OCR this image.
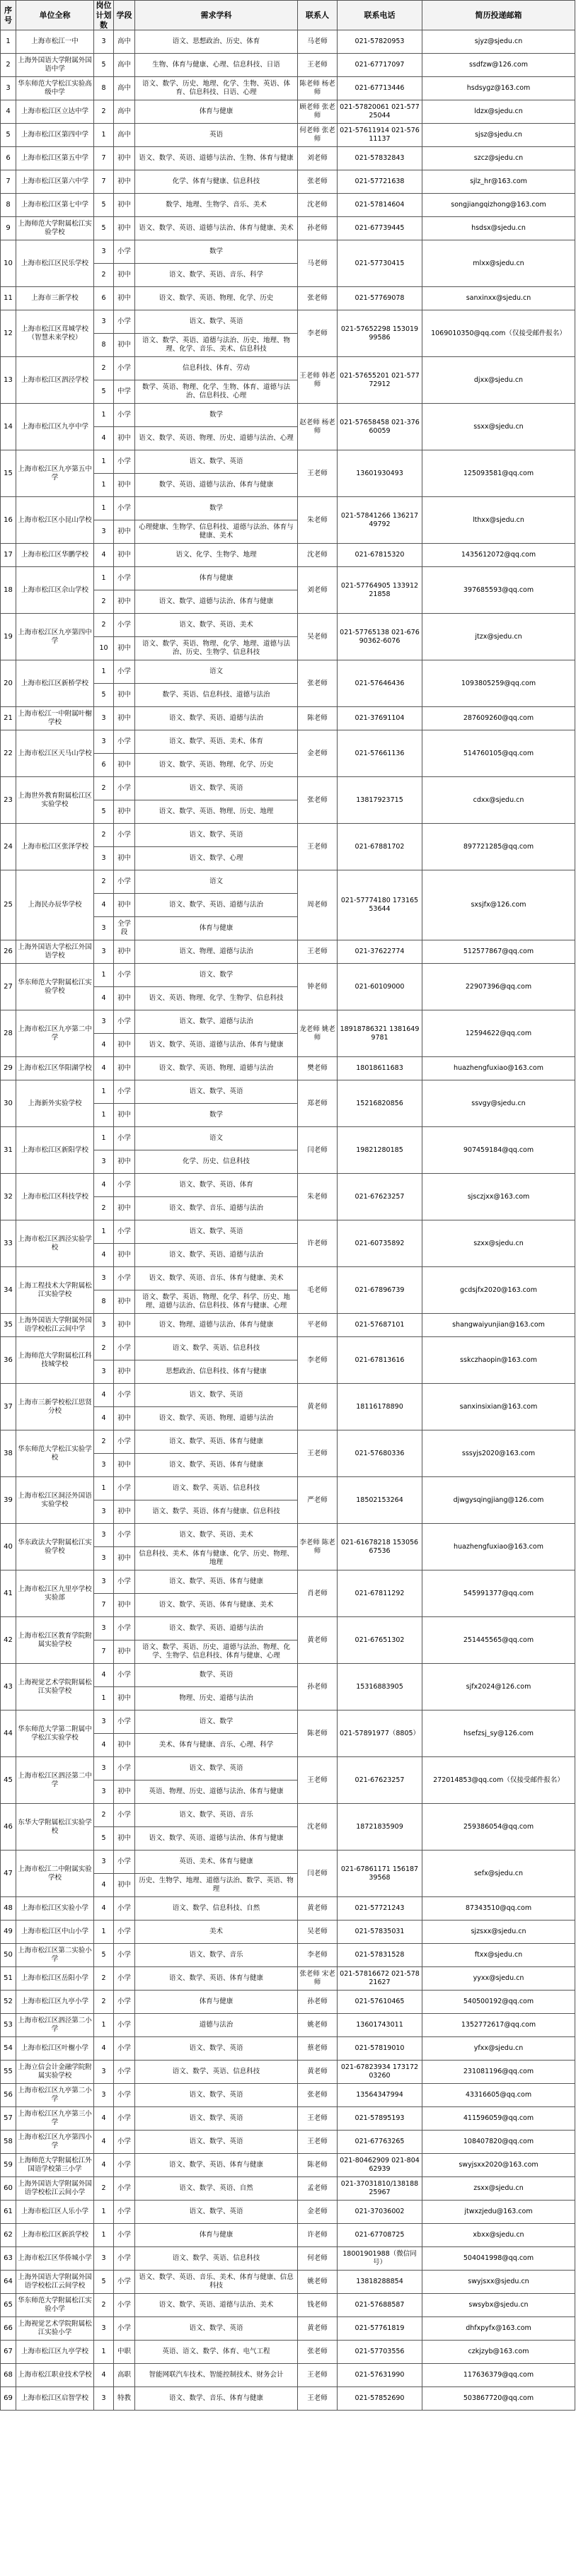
序号	单位全称	岗位计划数	学段	需求学科	联系人	联系电话	简历投递邮箱
1	上海市松江一中	3	高中	语文、思想政治、历史、体育	马老师	021-57820953	sjyz@sjedu.cn
2	上海外国语大学附属外国语中学	5	高中	生物、体育与健康、心理、信息科技、日语	王老师	021-67717097	ssdfzw@126.com
3	华东师范大学松江实验高级中学	8	高中	语文、数学、历史、地理、化学、生物、英语、体育、信息科技、日语、心理	陈老师 杨老师	021-67713446	hsdsygz@163.com
4	上海市松江区立达中学	2	高中	体育与健康	顾老师 张老师	021-57820061 021-57725044	ldzx@sjedu.cn
5	上海市松江区第四中学	1	高中	英语	何老师 张老师	021-57611914 021-57611137	sjsz@sjedu.cn
6	上海市松江区第五中学	7	初中	语文、数学、英语、道德与法治、生物、体育与健康	刘老师	021-57832843	szcz@sjedu.cn
7	上海市松江区第六中学	7	初中	化学、体育与健康、信息科技	张老师	021-57721638	sjlz_hr@163.com
8	上海市松江区第七中学	5	初中	数学、地理、生物学、音乐、美术	沈老师	021-57814604	songjiangqizhong@163.com
9	上海师范大学附属松江实验学校	5	初中	语文、数学、英语、道德与法治、体育与健康、美术	孙老师	021-67739445	hsdsx@sjedu.cn
10	上海市松江区民乐学校	3	小学	数学	马老师	021-57730415	mlxx@sjedu.cn
		2	初中	语文、数学、英语、音乐、科学			
11	上海市三新学校	6	初中	语文、数学、英语、物理、化学、历史	张老师	021-57769078	sanxinxx@sjedu.cn
12	上海市松江区茸城学校（智慧未来学校）	3	小学	语文、数学、英语	李老师	021-57652298 15301999586	1069010350@qq.com（仅接受邮件报名）
		8	初中	语文、数学、英语、道德与法治、历史、地理、物理、化学、音乐、美术、信息科技			
13	上海市松江区泗泾学校	2	小学	信息科技、体育、劳动	王老师 韩老师	021-57655201 021-57772912	djxx@sjedu.cn
		5	中学	数学、英语、物理、化学、生物、体育、道德与法治、信息科技、心理			
14	上海市松江区九亭中学	1	小学	数学	赵老师 杨老师	021-57658458 021-37660059	ssxx@sjedu.cn
		4	初中	语文、数学、英语、物理、历史、道德与法治、心理			
15	上海市松江区九亭第五中学	1	小学	语文、数学、英语	王老师	13601930493	125093581@qq.com
		1	初中	数学、英语、道德与法治、体育与健康			
16	上海市松江区小昆山学校	1	小学	数学	朱老师	021-57841266 13621749792	lthxx@sjedu.cn
		3	初中	心理健康、生物学、信息科技、道德与法治、体育与健康、美术			
17	上海市松江区华鹏学校	4	初中	语文、化学、生物学、地理	沈老师	021-67815320	1435612072@qq.com
18	上海市松江区佘山学校	1	小学	体育与健康	刘老师	021-57764905 13391221858	397685593@qq.com
		2	初中	语文、数学、道德与法治、体育与健康			
19	上海市松江区九亭第四中学	2	小学	语文、数学、英语、美术	吴老师	021-57765138 021-67690362-6076	jtzx@sjedu.cn
		10	初中	语文、数学、英语、物理、化学、地理、道德与法治、历史、生物学、信息科技			
20	上海市松江区新桥学校	1	小学	语文	张老师	021-57646436	1093805259@qq.com
		5	初中	数学、英语、信息科技、道德与法治			
21	上海市松江一中附属叶榭学校	3	初中	语文、数学、英语、道德与法治	陈老师	021-37691104	287609260@qq.com
22	上海市松江区天马山学校	3	小学	语文、数学、英语、美术、体育	金老师	021-57661136	514760105@qq.com
		6	初中	语文、数学、英语、物理、化学、历史			
23	上海世外教育附属松江区实验学校	2	小学	语文、数学、英语	张老师	13817923715	cdxx@sjedu.cn
		5	初中	语文、数学、英语、物理、历史、地理			
24	上海市松江区张泽学校	2	小学	语文、数学、英语	王老师	021-67881702	897721285@qq.com
		3	初中	语文、数学、心理			
25	上海民办辰华学校	2	小学	语文	周老师	021-57774180 17316553644	sxsjfx@126.com
		4	初中	语文、数学、英语、道德与法治			
		3	全学段	体育与健康			
26	上海外国语大学松江外国语学校	3	初中	语文、物理、道德与法治	王老师	021-37622774	512577867@qq.com
27	华东师范大学附属松江实验学校	1	小学	语文、数学	钟老师	021-60109000	22907396@qq.com
		4	初中	语文、英语、物理、化学、生物学、信息科技			
28	上海市松江区九亭第二中学	3	小学	语文、数学、道德与法治	龙老师 姚老师	18918786321 13816499781	12594622@qq.com
		4	初中	语文、数学、英语、道德与法治、体育与健康			
29	上海市松江区华阳湖学校	4	初中	语文、数学、英语、物理、道德与法治	樊老师	18018611683	huazhengfuxiao@163.com
30	上海新外实验学校	1	小学	语文、数学、英语	郑老师	15216820856	ssvgy@sjedu.cn
		1	初中	数学			
31	上海市松江区新阳学校	1	小学	语文	闫老师	19821280185	907459184@qq.com
		3	初中	化学、历史、信息科技			
32	上海市松江区科技学校	4	小学	语文、数学、英语、体育	朱老师	021-67623257	sjsczjxx@163.com
		2	初中	语文、数学、音乐、道德与法治			
33	上海市松江区泗泾实验学校	1	小学	语文、数学、英语	许老师	021-60735892	szxx@sjedu.cn
		4	初中	语文、数学、英语、道德与法治			
34	上海工程技术大学附属松江实验学校	3	小学	语文、数学、英语、音乐、体育与健康、美术	毛老师	021-67896739	gcdsjfx2020@163.com
		8	初中	语文、数学、英语、物理、化学、科学、历史、地理、道德与法治、信息科技、体育与健康、心理			
35	上海外国语大学附属外国语学校松江云间中学	3	初中	语文、物理、道德与法治、体育与健康	平老师	021-57687101	shangwaiyunjian@163.com
36	上海师范大学附属松江科技城学校	2	小学	语文、数学、英语、信息科技	李老师	021-67813616	sskczhaopin@163.com
		3	初中	思想政治、信息科技、体育与健康			
37	上海市三新学校松江思贤分校	4	小学	语文、数学、英语	黄老师	18116178890	sanxinsixian@163.com
		4	初中	语文、数学、英语、物理、道德与法治			
38	华东师范大学松江实验学校	2	小学	语文、数学、英语、体育与健康	王老师	021-57680336	sssyjs2020@163.com
		3	初中	语文、数学、英语、体育与健康			
39	上海市松江区洞泾外国语实验学校	1	小学	语文、数学、英语、信息科技	严老师	18502153264	djwgysqingjiang@126.com
		3	初中	语文、数学、英语、体育与健康、信息科技			
40	华东政法大学附属松江实验学校	3	小学	语文、数学、英语、美术	李老师 陈老师	021-61678218 15305667536	huazhengfuxiao@163.com
		3	初中	信息科技、美术、体育与健康、化学、历史、物理、地理			
41	上海市松江区九里亭学校实验部	3	小学	语文、数学、英语、体育与健康	肖老师	021-67811292	545991377@qq.com
		7	初中	语文、数学、英语、体育与健康、美术			
42	上海市松江区教育学院附属实验学校	3	小学	语文、数学、英语、道德与法治	黄老师	021-67651302	251445565@qq.com
		7	初中	语文、数学、英语、历史、道德与法治、物理、化学、生物学、信息科技、体育与健康、心理			
43	上海视觉艺术学院附属松江实验学校	4	小学	数学、英语	孙老师	15316883905	sjfx2024@126.com
		1	初中	物理、历史、道德与法治			
44	华东师范大学第二附属中学松江实验学校	3	小学	语文、数学	陈老师	021-57891977（8805）	hsefzsj_sy@126.com
		4	初中	美术、体育与健康、音乐、心理、科学			
45	上海市松江区泗泾第二中学	3	小学	语文、数学、英语	王老师	021-67623257	272014853@qq.com（仅接受邮件报名）
		3	初中	英语、物理、历史、道德与法治、体育与健康			
46	东华大学附属松江实验学校	2	小学	语文、数学、英语、音乐	沈老师	18721835909	259386054@qq.com
		5	初中	语文、数学、英语、道德与法治、体育与健康			
47	上海市松江二中附属实验学校	3	小学	英语、美术、体育与健康	闫老师	021-67861171 15618739568	sefx@sjedu.cn
		4	初中	历史、生物学、地理、道德与法治、数学、英语、物理			
48	上海市松江区实验小学	4	小学	语文、数学、信息科技、自然	黄老师	021-57721243	87343510@qq.com
49	上海市松江区中山小学	1	小学	美术	吴老师	021-57835031	sjzsxx@sjedu.cn
50	上海市松江区第二实验小学	5	小学	语文、数学、音乐	李老师	021-57831528	ftxx@sjedu.cn
51	上海市松江区岳阳小学	2	小学	语文、数学、英语、体育与健康	张老师 宋老师	021-57816672 021-57821627	yyxx@sjedu.cn
52	上海市松江区九亭小学	2	小学	体育与健康	孙老师	021-57610465	540500192@qq.com
53	上海市松江区泗泾第二小学	1	小学	道德与法治	姚老师	13601743011	1352772617@qq.com
54	上海市松江区叶榭小学	4	小学	语文、数学、英语	蔡老师	021-57819010	yfxx@sjedu.cn
55	上海立信会计金融学院附属实验学校	3	小学	语文、数学、英语、信息科技	黄老师	021-67823934 17317203260	231081196@qq.com
56	上海市松江区九亭第二小学	3	小学	语文、数学、英语	张老师	13564347994	43316605@qq.com
57	上海市松江区九亭第三小学	4	小学	语文、数学、英语	王老师	021-57895193	411596059@qq.com
58	上海市松江区九亭第四小学	4	小学	语文、数学、英语	王老师	021-67763265	108407820@qq.com
59	上海师范大学附属松江外国语学校第三小学	4	小学	语文、数学、英语、体育与健康	陈老师	021-80462909 021-80462939	swyjsxx2020@163.com
60	上海外国语大学附属外国语学校松江云间小学	2	小学	语文、数学、英语、自然	孟老师	021-37031810/13818825967	zsxx@sjedu.cn
61	上海市松江区人乐小学	1	小学	语文、数学、英语	金老师	021-37036002	jtwxzjedu@163.com
62	上海市松江区新浜学校	1	小学	体育与健康	许老师	021-67708725	xbxx@sjedu.cn
63	上海市松江区华侨城小学	3	小学	语文、数学、英语、信息科技	何老师	18001901988（微信同号）	504041998@qq.com
64	上海外国语大学附属外国语学校松江云间学校	5	小学	语文、数学、英语、音乐、美术、体育与健康、信息科技	姚老师	13818288854	swyjsxx@sjedu.cn
65	华东师范大学附属松江实验小学	2	小学	语文、数学、英语、道德与法治、美术	钱老师	021-57688587	swsybx@sjedu.cn
66	上海视觉艺术学院附属松江实验小学	3	小学	语文、数学、英语	黄老师	021-57761819	dhfxpyfx@163.com
67	上海市松江区九亭学校	1	中职	英语、语文、数学、体育、电气工程	张老师	021-57703556	czkjzyb@163.com
68	上海市松江职业技术学校	4	高职	智能网联汽车技术、智能控制技术、财务会计	王老师	021-57631990	117636379@qq.com
69	上海市松江区启智学校	3	特教	语文、数学、音乐、体育与健康	王老师	021-57852690	503867720@qq.com
